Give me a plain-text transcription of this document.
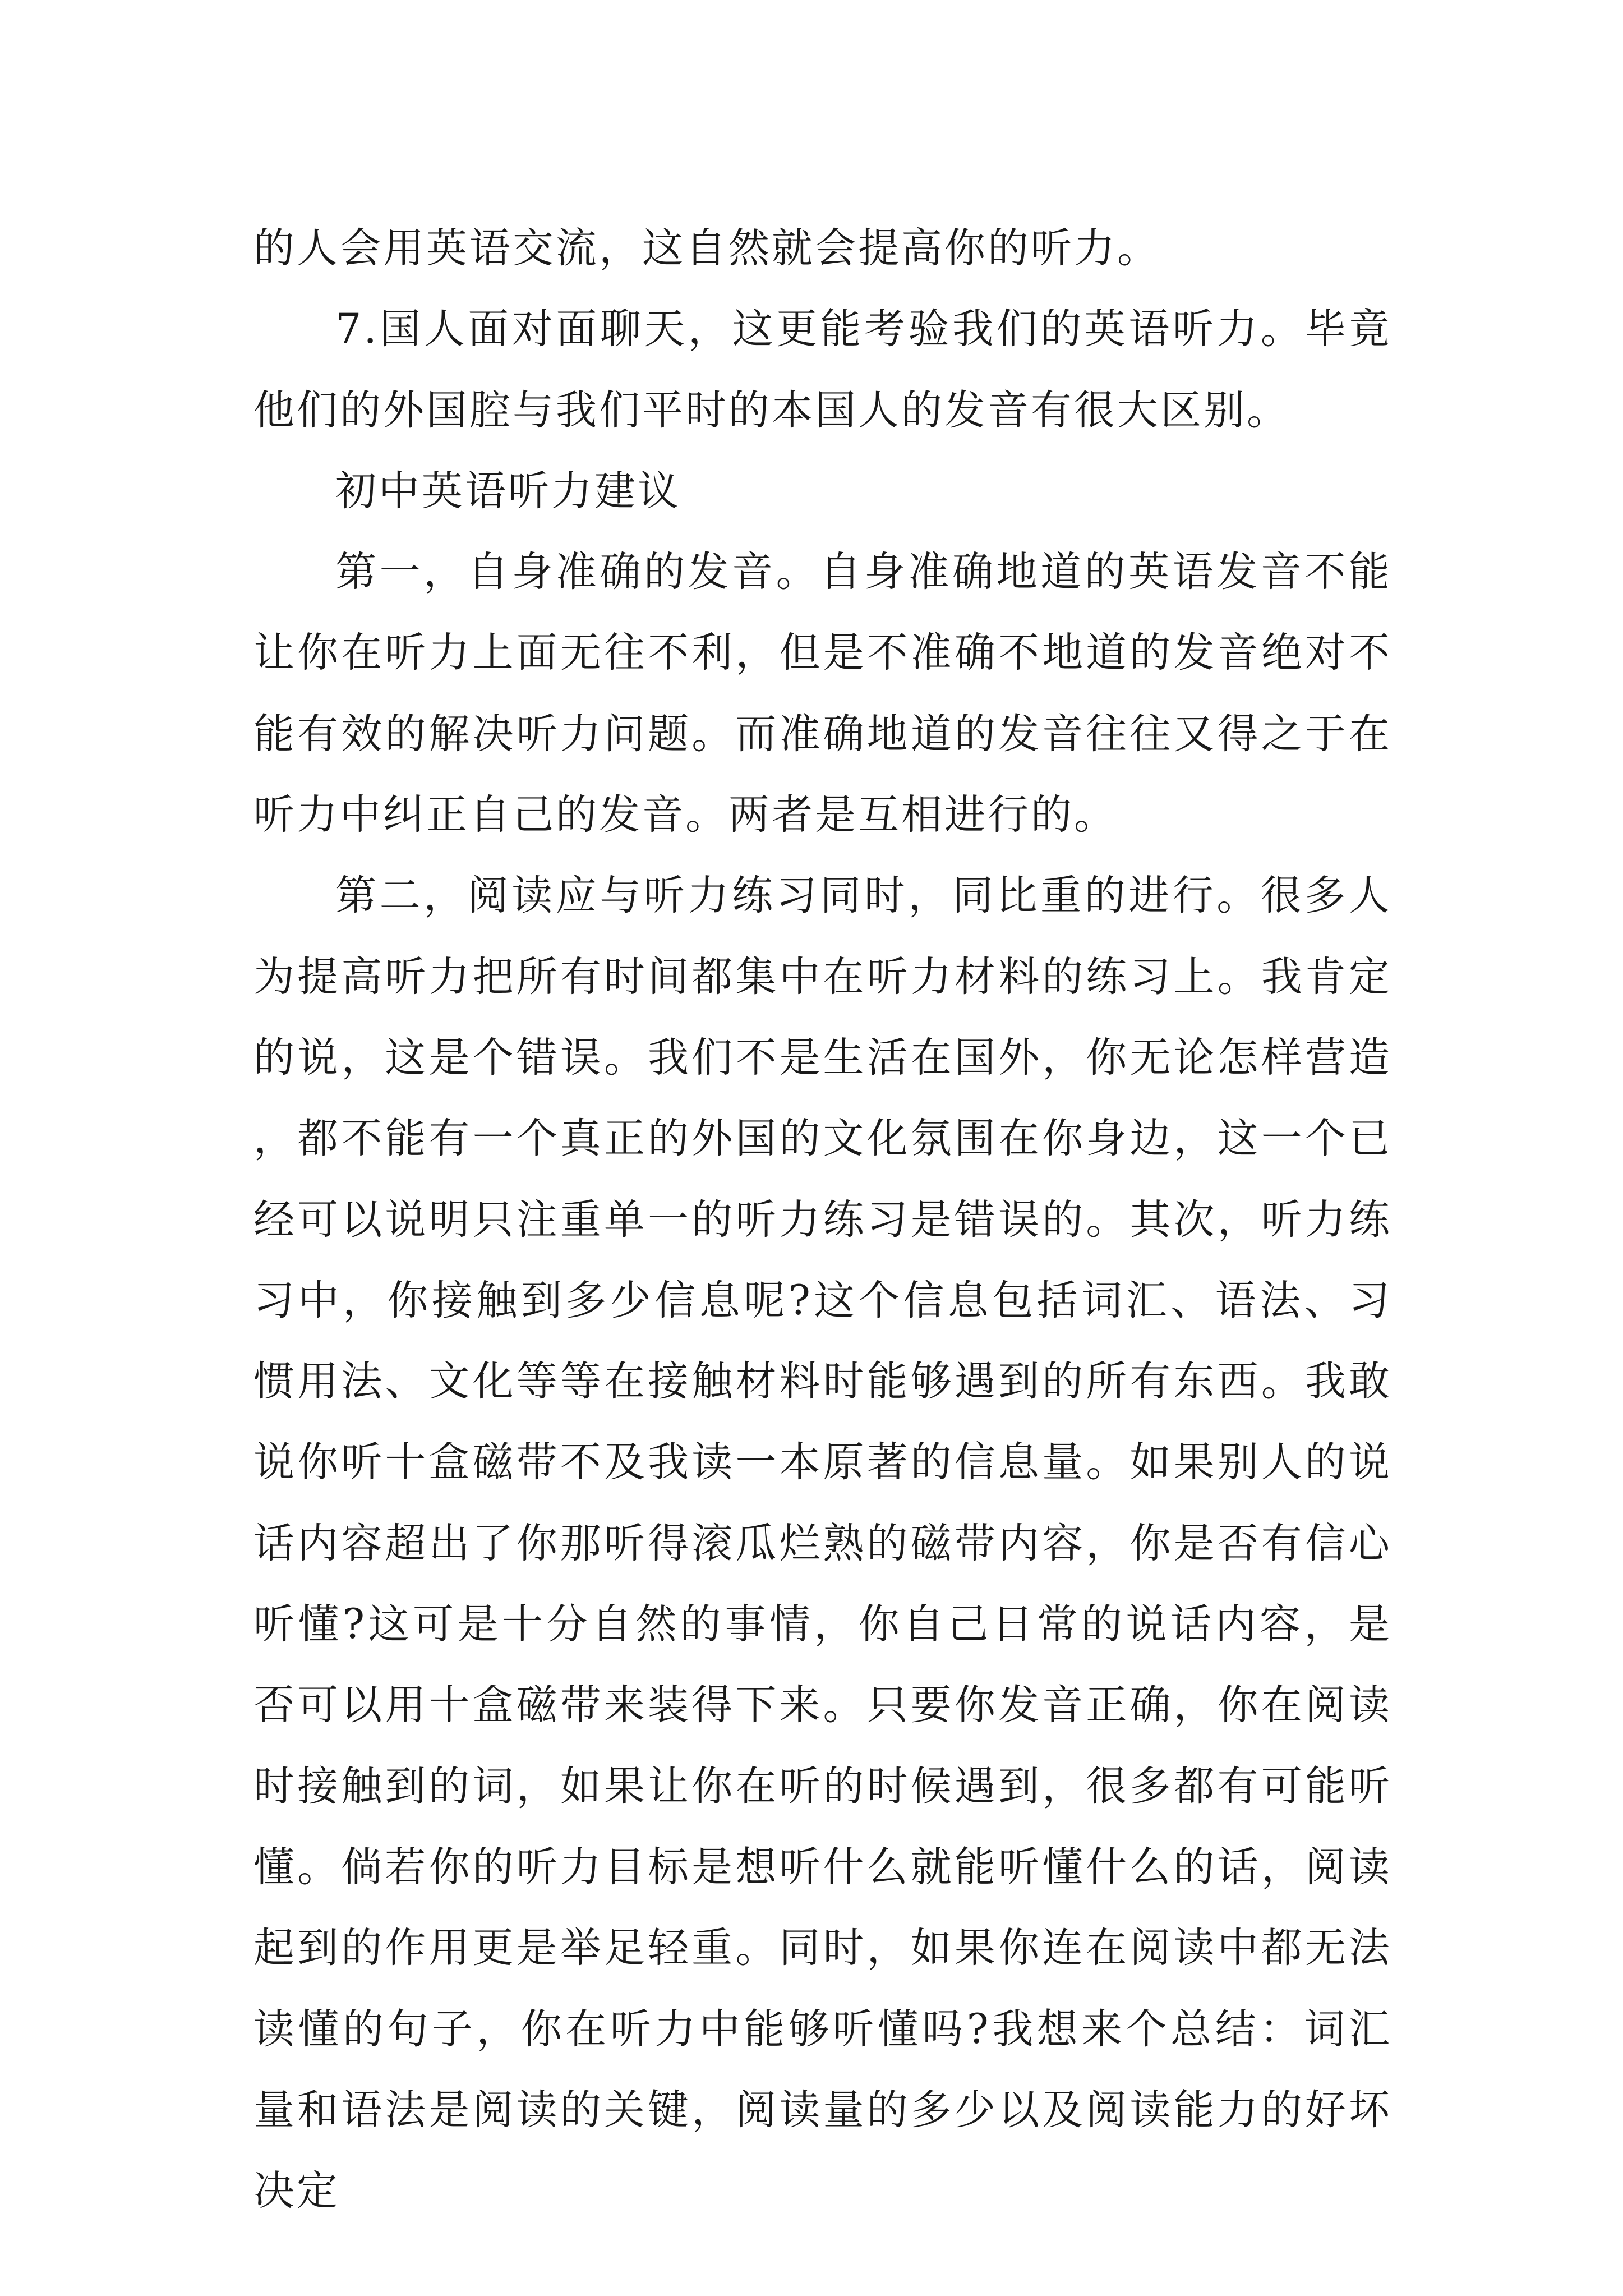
的人会用英语交流，这自然就会提高你的听力。

7.国人面对面聊天，这更能考验我们的英语听力。毕竟他们的外国腔与我们平时的本国人的发音有很大区别。

初中英语听力建议

第一，自身准确的发音。自身准确地道的英语发音不能让你在听力上面无往不利，但是不准确不地道的发音绝对不能有效的解决听力问题。而准确地道的发音往往又得之于在听力中纠正自己的发音。两者是互相进行的。

第二，阅读应与听力练习同时，同比重的进行。很多人为提高听力把所有时间都集中在听力材料的练习上。我肯定的说，这是个错误。我们不是生活在国外，你无论怎样营造，都不能有一个真正的外国的文化氛围在你身边，这一个已经可以说明只注重单一的听力练习是错误的。其次，听力练习中，你接触到多少信息呢?这个信息包括词汇、语法、习惯用法、文化等等在接触材料时能够遇到的所有东西。我敢说你听十盒磁带不及我读一本原著的信息量。如果别人的说话内容超出了你那听得滚瓜烂熟的磁带内容，你是否有信心听懂?这可是十分自然的事情，你自己日常的说话内容，是否可以用十盒磁带来装得下来。只要你发音正确，你在阅读时接触到的词，如果让你在听的时候遇到，很多都有可能听懂。倘若你的听力目标是想听什么就能听懂什么的话，阅读起到的作用更是举足轻重。同时，如果你连在阅读中都无法读懂的句子，你在听力中能够听懂吗?我想来个总结：词汇量和语法是阅读的关键，阅读量的多少以及阅读能力的好坏决定
